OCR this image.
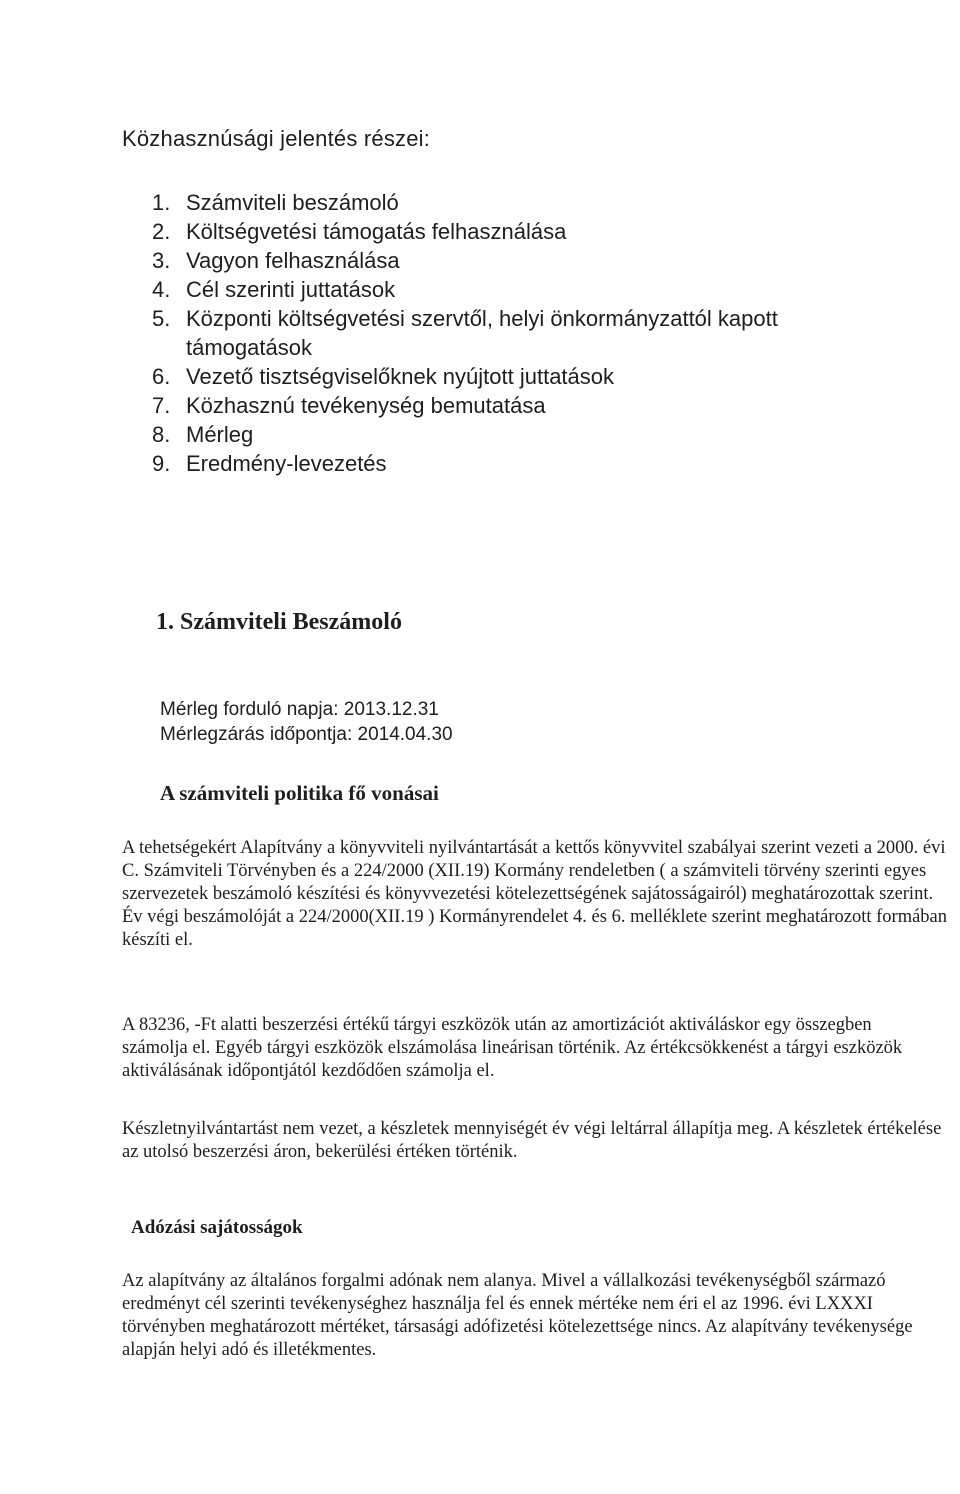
Közhasznúsági jelentés részei:
1. Számviteli beszámoló
2. Költségvetési támogatás felhasználása
3. Vagyon felhasználása
4. Cél szerinti juttatások
5. Központi költségvetési szervtől, helyi önkormányzattól kapott támogatások
6. Vezető tisztségviselőknek nyújtott juttatások
7. Közhasznú tevékenység bemutatása
8. Mérleg
9. Eredmény-levezetés
1. Számviteli Beszámoló

Mérleg forduló napja: 2013.12.31

Mérlegzárás időpontja: 2014.04.30

A számviteli politika fő vonásai

A tehetségekért Alapítvány a könyvviteli nyilvántartását a kettős könyvvitel szabályai szerint vezeti a 2000. évi C. Számviteli Törvényben és a 224/2000 (XII.19) Kormány rendeletben ( a számviteli törvény szerinti egyes szervezetek beszámoló készítési és könyvvezetési kötelezettségének sajátosságairól) meghatározottak szerint. Év végi beszámolóját a 224/2000(XII.19 ) Kormányrendelet 4. és 6. melléklete szerint meghatározott formában készíti el.

A 83236, -Ft alatti beszerzési értékű tárgyi eszközök után az amortizációt aktiváláskor egy összegben számolja el. Egyéb tárgyi eszközök elszámolása lineárisan történik. Az értékcsökkenést a tárgyi eszközök aktiválásának időpontjától kezdődően számolja el.

Készletnyilvántartást nem vezet, a készletek mennyiségét év végi leltárral állapítja meg. A készletek értékelése az utolsó beszerzési áron, bekerülési értéken történik.

Adózási sajátosságok

Az alapítvány az általános forgalmi adónak nem alanya. Mivel a vállalkozási tevékenységből származó eredményt cél szerinti tevékenységhez használja fel és ennek mértéke nem éri el az 1996. évi LXXXI törvényben meghatározott mértéket, társasági adófizetési kötelezettsége nincs. Az alapítvány tevékenysége alapján helyi adó és illetékmentes.
